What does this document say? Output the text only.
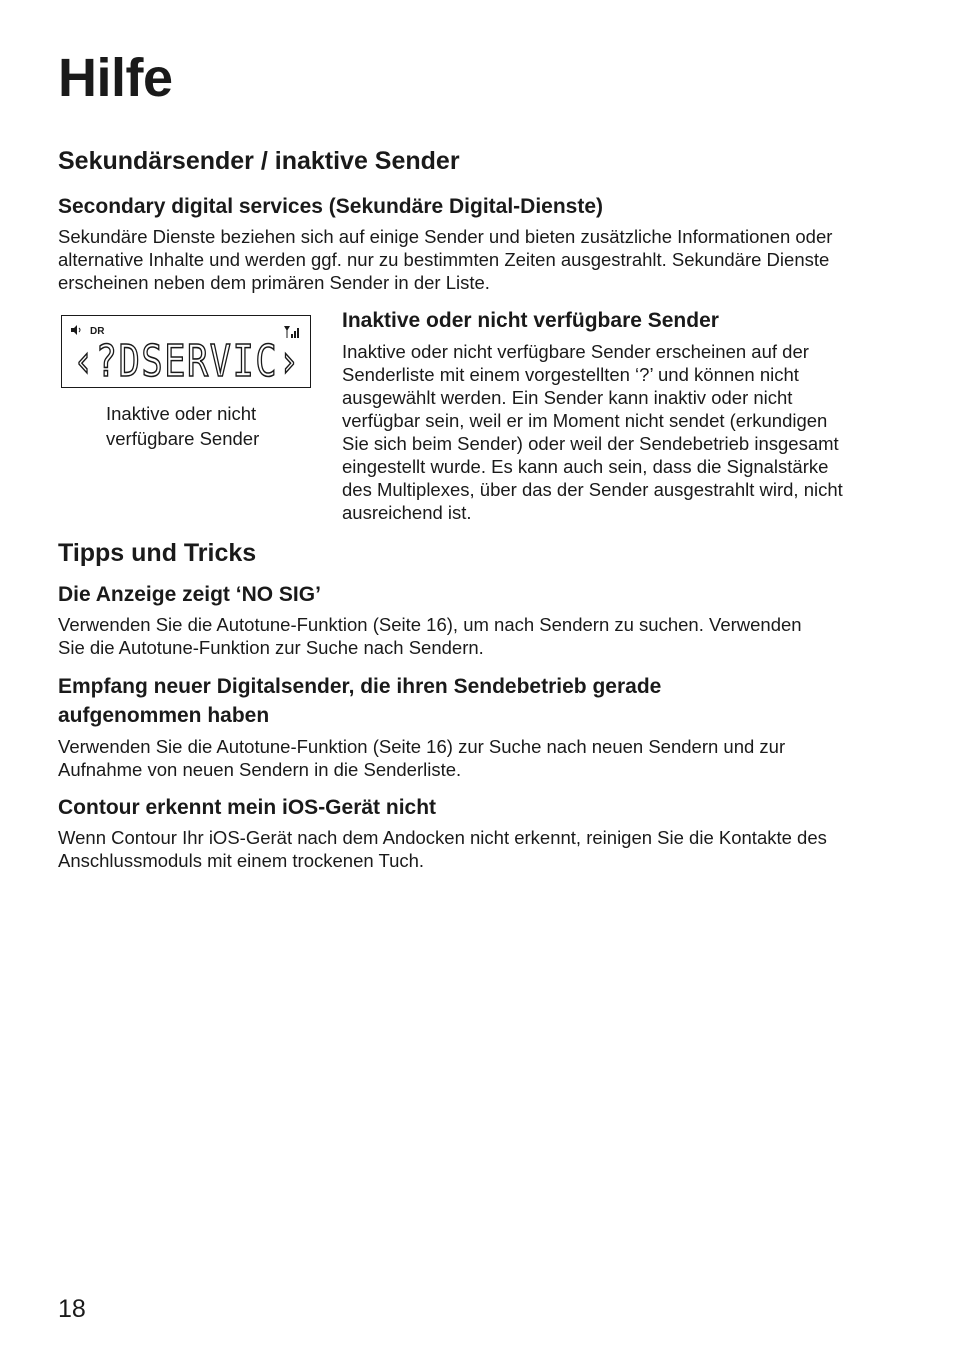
Hilfe
Sekundärsender / inaktive Sender
Secondary digital services (Sekundäre Digital-Dienste)

Sekundäre Dienste beziehen sich auf einige Sender und bieten zusätzliche Informationen oder

alternative Inhalte und werden ggf. nur zu bestimmten Zeiten ausgestrahlt. Sekundäre Dienste

erscheinen neben dem primären Sender in der Liste.

DR
‹?DSERVIC›
Inaktive oder nicht
verfügbare Sender
Inaktive oder nicht verfügbare Sender

Inaktive oder nicht verfügbare Sender erscheinen auf der

Senderliste mit einem vorgestellten ‘?’ und können nicht

ausgewählt werden. Ein Sender kann inaktiv oder nicht

verfügbar sein, weil er im Moment nicht sendet (erkundigen

Sie sich beim Sender) oder weil der Sendebetrieb insgesamt

eingestellt wurde. Es kann auch sein, dass die Signalstärke

des Multiplexes, über das der Sender ausgestrahlt wird, nicht

ausreichend ist.

Tipps und Tricks
Die Anzeige zeigt ‘NO SIG’

Verwenden Sie die Autotune-Funktion (Seite 16), um nach Sendern zu suchen. Verwenden

Sie die Autotune-Funktion zur Suche nach Sendern.

Empfang neuer Digitalsender, die ihren Sendebetrieb gerade

aufgenommen haben

Verwenden Sie die Autotune-Funktion (Seite 16) zur Suche nach neuen Sendern und zur

Aufnahme von neuen Sendern in die Senderliste.

Contour erkennt mein iOS-Gerät nicht

Wenn Contour Ihr iOS-Gerät nach dem Andocken nicht erkennt, reinigen Sie die Kontakte des

Anschlussmoduls mit einem trockenen Tuch.

18
